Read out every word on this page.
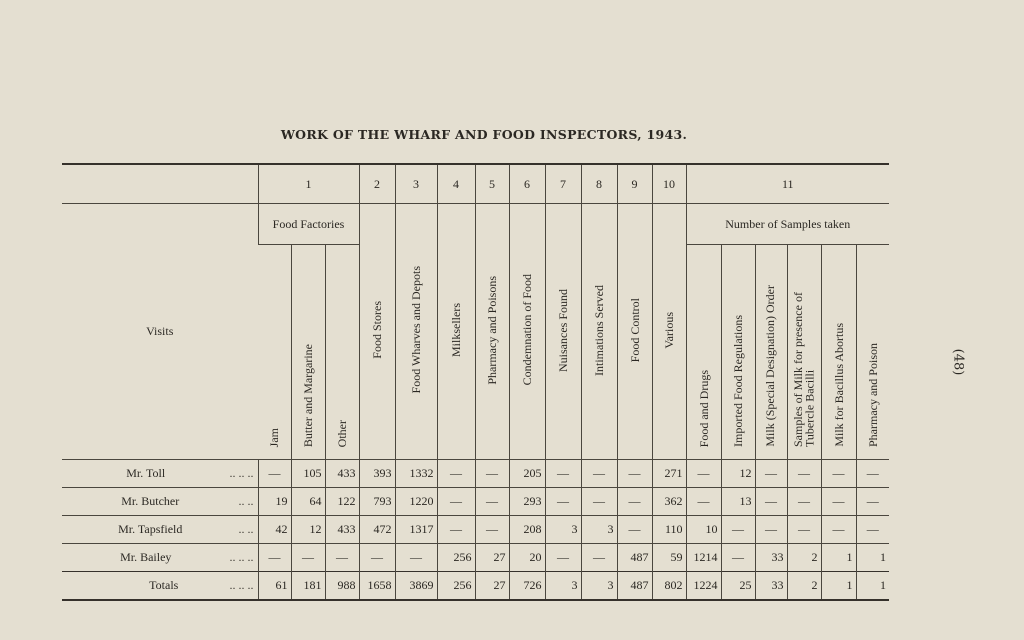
WORK OF THE WHARF AND FOOD INSPECTORS, 1943.
(48)
	1			2	3	4	5	6	7	8	9	10	11					
Visits	Food Factories			Food Stores	Food Wharves and Depots	Milksellers	Pharmacy and Poisons	Condemnation of Food	Nuisances Found	Intimations Served	Food Control	Various	Number of Samples taken					
	Jam	Butter and Margarine	Other										Food and Drugs	Imported Food Regulations	Milk (Special Designation) Order	Samples of Milk for presence of Tubercle Bacilli	Milk for Bacillus Abortus	Pharmacy and Poison
Mr. Toll .. .. ..	—	105	433	393	1332	—	—	205	—	—	—	271	—	12	—	—	—	—
Mr. Butcher .. ..	19	64	122	793	1220	—	—	293	—	—	—	362	—	13	—	—	—	—
Mr. Tapsfield .. ..	42	12	433	472	1317	—	—	208	3	3	—	110	10	—	—	—	—	—
Mr. Bailey .. .. ..	—	—	—	—	—	256	27	20	—	—	487	59	1214	—	33	2	1	1
Totals .. .. ..	61	181	988	1658	3869	256	27	726	3	3	487	802	1224	25	33	2	1	1
